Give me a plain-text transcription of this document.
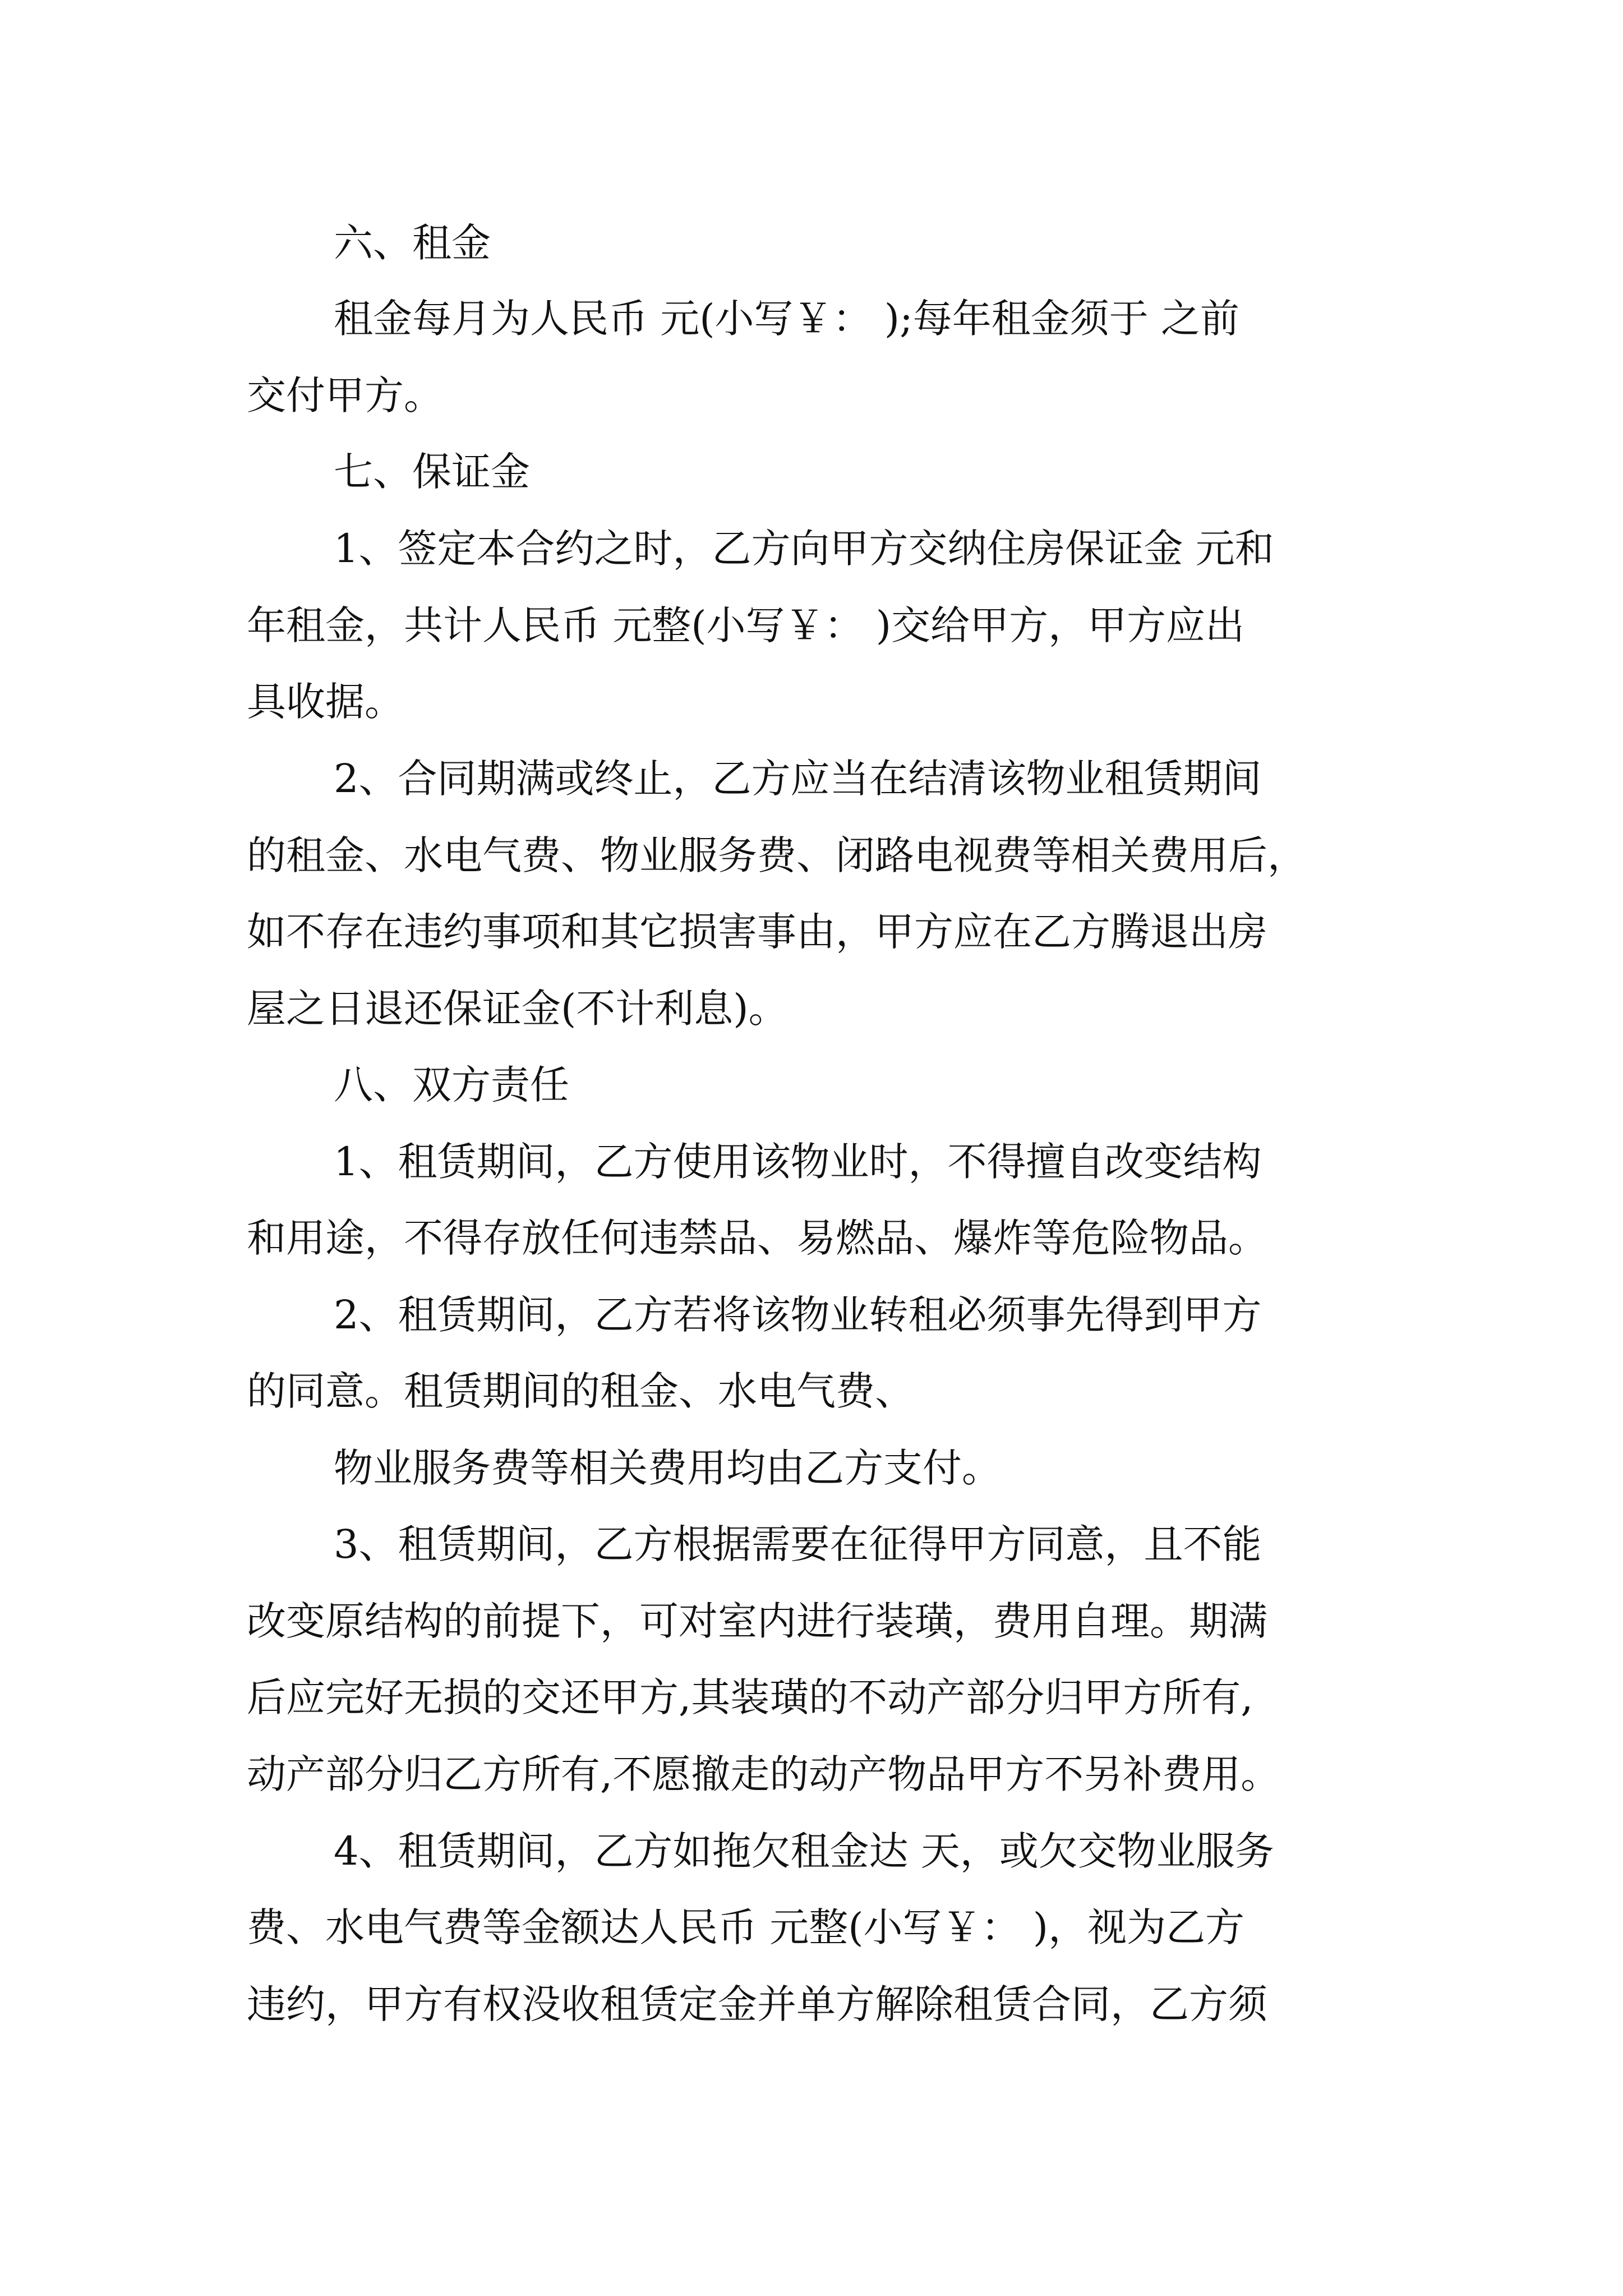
六、租金

租金每月为人民币 元(小写￥： );每年租金须于 之前

交付甲方。

七、保证金

1、签定本合约之时，乙方向甲方交纳住房保证金 元和

年租金，共计人民币 元整(小写￥： )交给甲方，甲方应出

具收据。

2、合同期满或终止，乙方应当在结清该物业租赁期间

的租金、水电气费、物业服务费、闭路电视费等相关费用后，

如不存在违约事项和其它损害事由，甲方应在乙方腾退出房

屋之日退还保证金(不计利息)。

八、双方责任

1、租赁期间，乙方使用该物业时，不得擅自改变结构

和用途，不得存放任何违禁品、易燃品、爆炸等危险物品。

2、租赁期间，乙方若将该物业转租必须事先得到甲方

的同意。租赁期间的租金、水电气费、

物业服务费等相关费用均由乙方支付。

3、租赁期间，乙方根据需要在征得甲方同意，且不能

改变原结构的前提下，可对室内进行装璜，费用自理。期满

后应完好无损的交还甲方,其装璜的不动产部分归甲方所有,

动产部分归乙方所有,不愿撤走的动产物品甲方不另补费用。

4、租赁期间，乙方如拖欠租金达 天，或欠交物业服务

费、水电气费等金额达人民币 元整(小写￥： )，视为乙方

违约，甲方有权没收租赁定金并单方解除租赁合同，乙方须
